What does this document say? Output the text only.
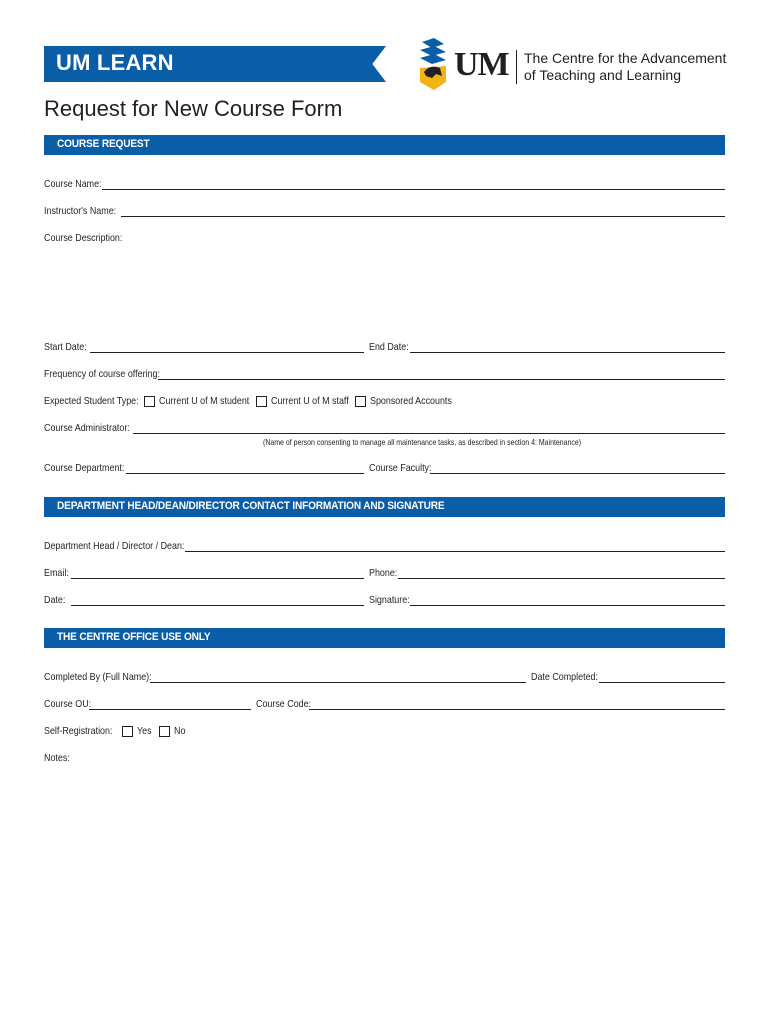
UM LEARN
Request for New Course Form
UM The Centre for the Advancement
of Teaching and Learning
COURSE REQUEST
Course Name:
Instructor's Name:
Course Description:
Start Date:	End Date:
Frequency of course offering:
Expected Student Type: Current U of M student Current U of M staff Sponsored Accounts
Course Administrator:
(Name of person consenting to manage all maintenance tasks, as described in section 4: Maintenance)
Course Department:	Course Faculty:
DEPARTMENT HEAD/DEAN/DIRECTOR CONTACT INFORMATION AND SIGNATURE
Department Head / Director / Dean:
Email:	Phone:
Date:	Signature:
THE CENTRE OFFICE USE ONLY
Completed By (Full Name):	Date Completed:
Course OU:	Course Code:
Self-Registration: Yes No
Notes:
